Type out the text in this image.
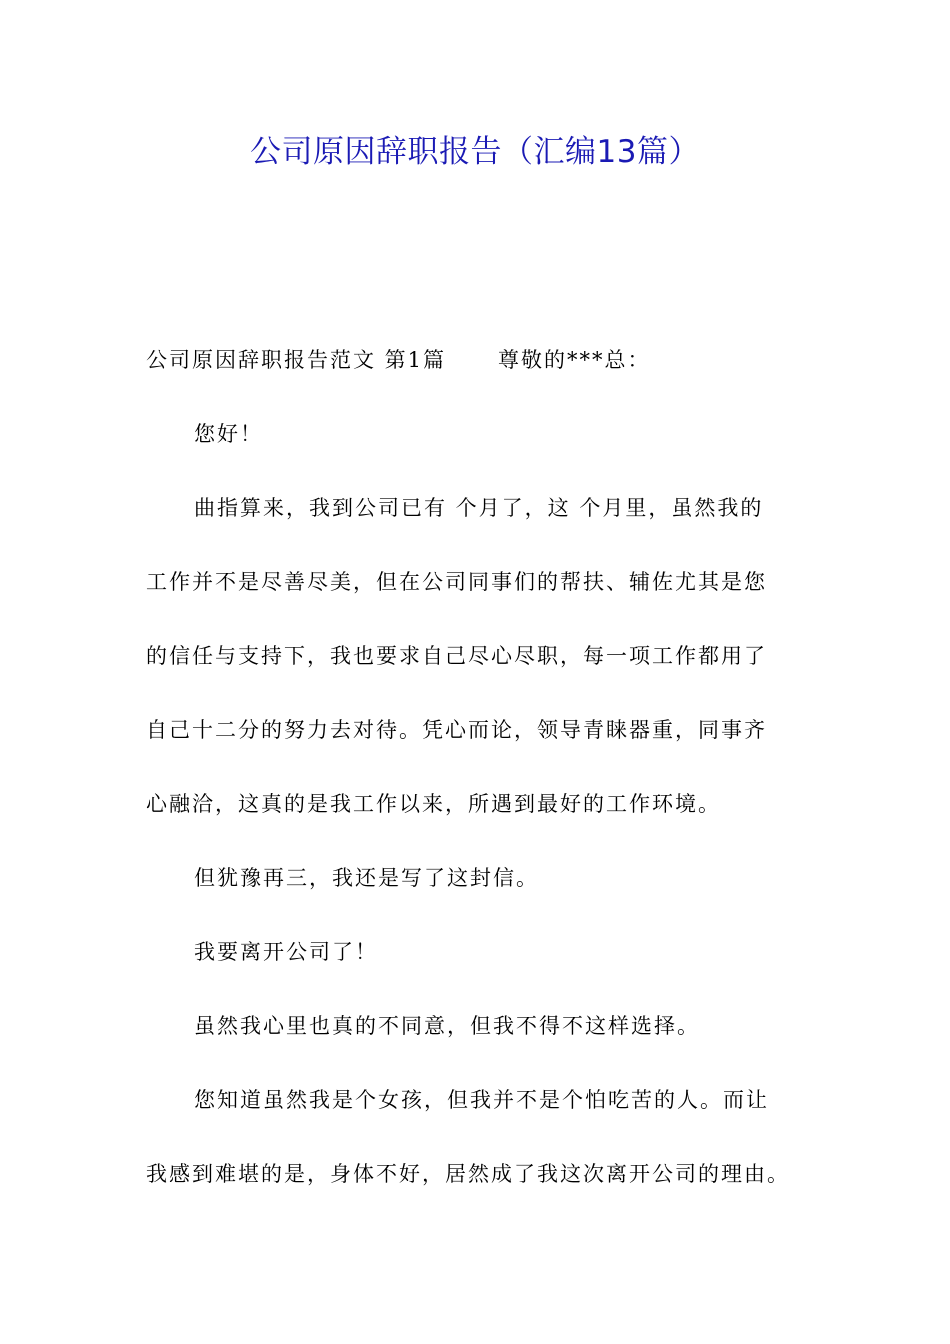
公司原因辞职报告（汇编13篇）
公司原因辞职报告范文 第1篇 尊敬的***总：
您好！
曲指算来，我到公司已有 个月了，这 个月里，虽然我的
工作并不是尽善尽美，但在公司同事们的帮扶、辅佐尤其是您
的信任与支持下，我也要求自己尽心尽职，每一项工作都用了
自己十二分的努力去对待。凭心而论，领导青睐器重，同事齐
心融洽，这真的是我工作以来，所遇到最好的工作环境。
但犹豫再三，我还是写了这封信。
我要离开公司了！
虽然我心里也真的不同意，但我不得不这样选择。
您知道虽然我是个女孩，但我并不是个怕吃苦的人。而让
我感到难堪的是，身体不好，居然成了我这次离开公司的理由。
